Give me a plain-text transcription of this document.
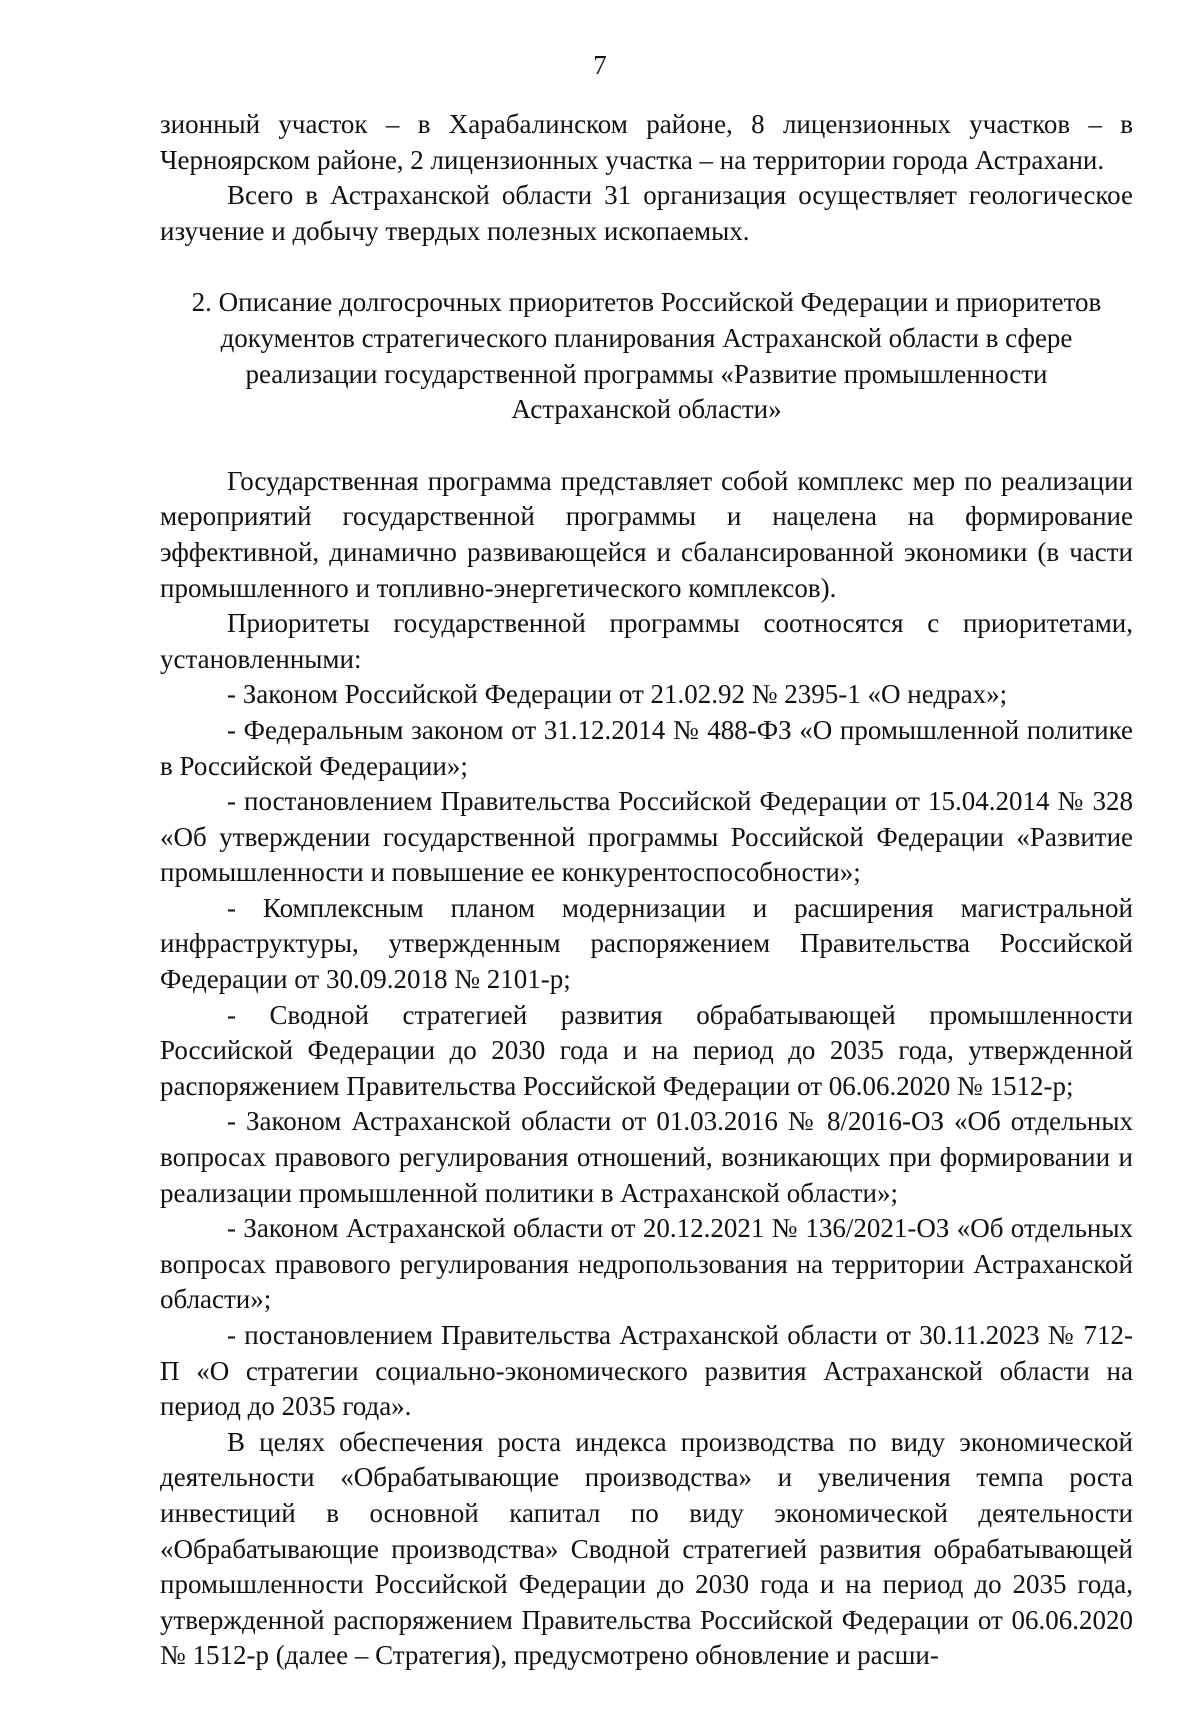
7

зионный участок – в Харабалинском районе, 8 лицензионных участков – в Черноярском районе, 2 лицензионных участка – на территории города Астрахани.

Всего в Астраханской области 31 организация осуществляет геологическое изучение и добычу твердых полезных ископаемых.

2. Описание долгосрочных приоритетов Российской Федерации и приоритетов документов стратегического планирования Астраханской области в сфере реализации государственной программы «Развитие промышленности Астраханской области»

Государственная программа представляет собой комплекс мер по реализации мероприятий государственной программы и нацелена на формирование эффективной, динамично развивающейся и сбалансированной экономики (в части промышленного и топливно-энергетического комплексов).

Приоритеты государственной программы соотносятся с приоритетами, установленными:

- Законом Российской Федерации от 21.02.92 № 2395-1 «О недрах»;

- Федеральным законом от 31.12.2014 № 488-ФЗ «О промышленной политике в Российской Федерации»;

- постановлением Правительства Российской Федерации от 15.04.2014 № 328 «Об утверждении государственной программы Российской Федерации «Развитие промышленности и повышение ее конкурентоспособности»;

- Комплексным планом модернизации и расширения магистральной инфраструктуры, утвержденным распоряжением Правительства Российской Федерации от 30.09.2018 № 2101-р;

- Сводной стратегией развития обрабатывающей промышленности Российской Федерации до 2030 года и на период до 2035 года, утвержденной распоряжением Правительства Российской Федерации от 06.06.2020 № 1512-р;

- Законом Астраханской области от 01.03.2016 № 8/2016-ОЗ «Об отдельных вопросах правового регулирования отношений, возникающих при формировании и реализации промышленной политики в Астраханской области»;

- Законом Астраханской области от 20.12.2021 № 136/2021-ОЗ «Об отдельных вопросах правового регулирования недропользования на территории Астраханской области»;

- постановлением Правительства Астраханской области от 30.11.2023 № 712-П «О стратегии социально-экономического развития Астраханской области на период до 2035 года».

В целях обеспечения роста индекса производства по виду экономической деятельности «Обрабатывающие производства» и увеличения темпа роста инвестиций в основной капитал по виду экономической деятельности «Обрабатывающие производства» Сводной стратегией развития обрабатывающей промышленности Российской Федерации до 2030 года и на период до 2035 года, утвержденной распоряжением Правительства Российской Федерации от 06.06.2020 № 1512-р (далее – Стратегия), предусмотрено обновление и расши-
